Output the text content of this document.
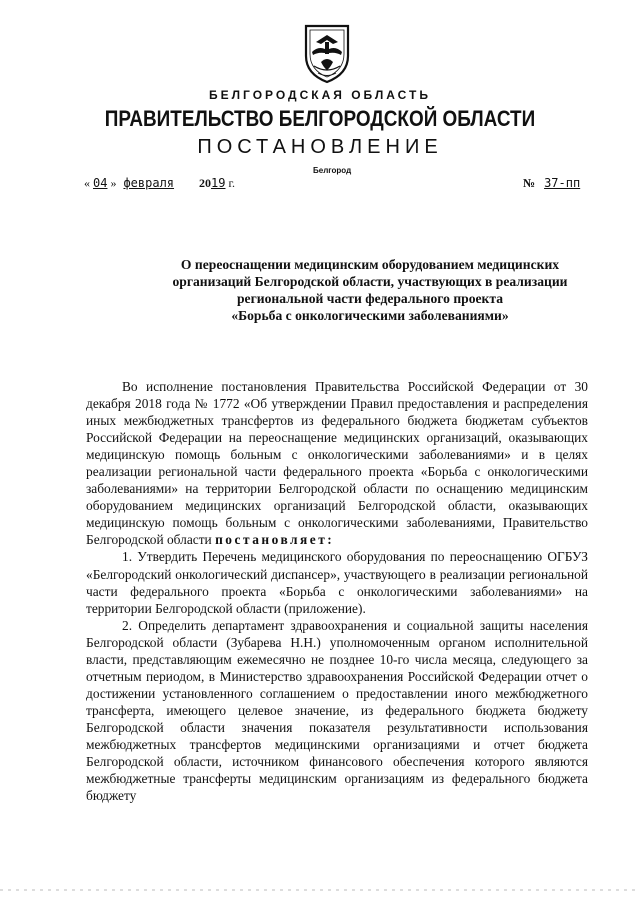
БЕЛГОРОДСКАЯ ОБЛАСТЬ
ПРАВИТЕЛЬСТВО БЕЛГОРОДСКОЙ ОБЛАСТИ
ПОСТАНОВЛЕНИЕ
Белгород
« 04 » февраля 2019 г.	№ 37-пп
О переоснащении медицинским оборудованием медицинских
организаций Белгородской области, участвующих в реализации
региональной части федерального проекта
«Борьба с онкологическими заболеваниями»

Во исполнение постановления Правительства Российской Федерации от 30 декабря 2018 года № 1772 «Об утверждении Правил предоставления и распределения иных межбюджетных трансфертов из федерального бюджета бюджетам субъектов Российской Федерации на переоснащение медицинских организаций, оказывающих медицинскую помощь больным с онкологическими заболеваниями» и в целях реализации региональной части федерального проекта «Борьба с онкологическими заболеваниями» на территории Белгородской области по оснащению медицинским оборудованием медицинских организаций Белгородской области, оказывающих медицинскую помощь больным с онкологическими заболеваниями, Правительство Белгородской области постановляет:

1. Утвердить Перечень медицинского оборудования по переоснащению ОГБУЗ «Белгородский онкологический диспансер», участвующего в реализации региональной части федерального проекта «Борьба с онкологическими заболеваниями» на территории Белгородской области (приложение).

2. Определить департамент здравоохранения и социальной защиты населения Белгородской области (Зубарева Н.Н.) уполномоченным органом исполнительной власти, представляющим ежемесячно не позднее 10-го числа месяца, следующего за отчетным периодом, в Министерство здравоохранения Российской Федерации отчет о достижении установленного соглашением о предоставлении иного межбюджетного трансферта, имеющего целевое значение, из федерального бюджета бюджету Белгородской области значения показателя результативности использования межбюджетных трансфертов медицинскими организациями и отчет бюджета Белгородской области, источником финансового обеспечения которого являются межбюджетные трансферты медицинским организациям из федерального бюджета бюджету
